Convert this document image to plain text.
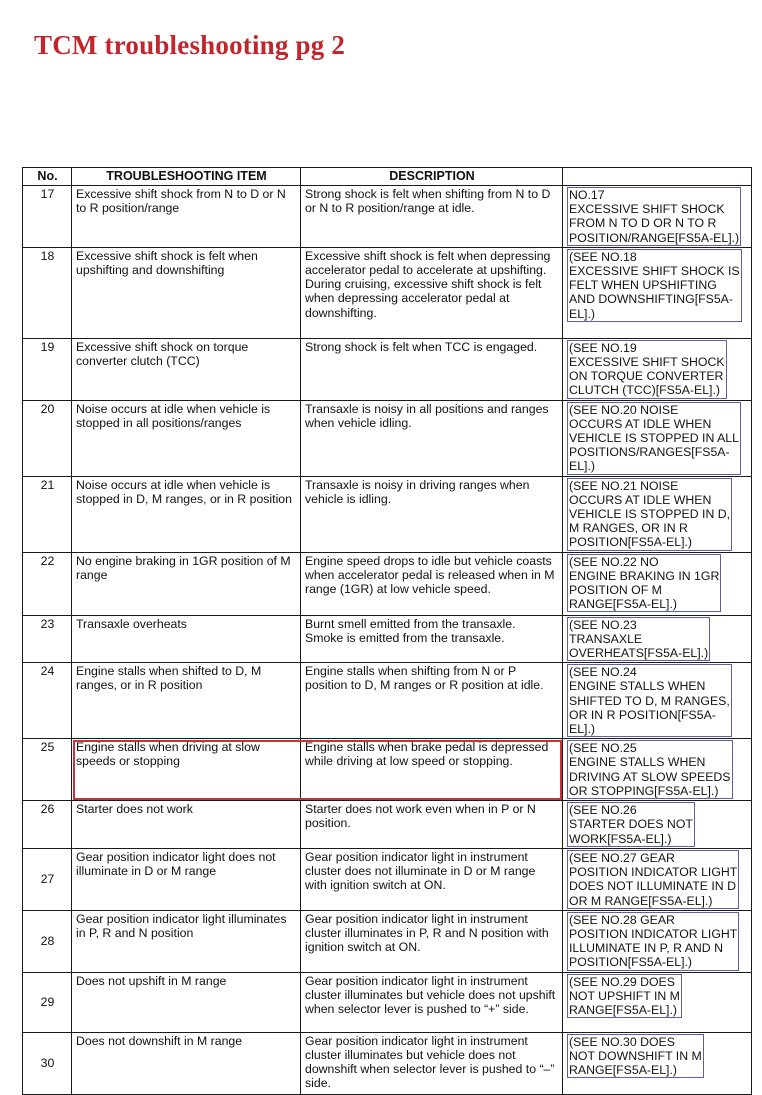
TCM troubleshooting pg 2
No.	TROUBLESHOOTING ITEM	DESCRIPTION	
17	Excessive shift shock from N to D or N to R position/range	Strong shock is felt when shifting from N to D or N to R position/range at idle.	NO.17
EXCESSIVE SHIFT SHOCK
FROM N TO D OR N TO R
POSITION/RANGE[FS5A-EL].)
18	Excessive shift shock is felt when upshifting and downshifting	Excessive shift shock is felt when depressing accelerator pedal to accelerate at upshifting.
During cruising, excessive shift shock is felt when depressing accelerator pedal at downshifting.	(SEE NO.18
EXCESSIVE SHIFT SHOCK IS
FELT WHEN UPSHIFTING
AND DOWNSHIFTING[FS5A-
EL].)
19	Excessive shift shock on torque converter clutch (TCC)	Strong shock is felt when TCC is engaged.	(SEE NO.19
EXCESSIVE SHIFT SHOCK
ON TORQUE CONVERTER
CLUTCH (TCC)[FS5A-EL].)
20	Noise occurs at idle when vehicle is stopped in all positions/ranges	Transaxle is noisy in all positions and ranges when vehicle idling.	(SEE NO.20 NOISE
OCCURS AT IDLE WHEN
VEHICLE IS STOPPED IN ALL
POSITIONS/RANGES[FS5A-
EL].)
21	Noise occurs at idle when vehicle is stopped in D, M ranges, or in R position	Transaxle is noisy in driving ranges when vehicle is idling.	(SEE NO.21 NOISE
OCCURS AT IDLE WHEN
VEHICLE IS STOPPED IN D,
M RANGES, OR IN R
POSITION[FS5A-EL].)
22	No engine braking in 1GR position of M range	Engine speed drops to idle but vehicle coasts when accelerator pedal is released when in M range (1GR) at low vehicle speed.	(SEE NO.22 NO
ENGINE BRAKING IN 1GR
POSITION OF M
RANGE[FS5A-EL].)
23	Transaxle overheats	Burnt smell emitted from the transaxle.
Smoke is emitted from the transaxle.	(SEE NO.23
TRANSAXLE
OVERHEATS[FS5A-EL].)
24	Engine stalls when shifted to D, M ranges, or in R position	Engine stalls when shifting from N or P position to D, M ranges or R position at idle.	(SEE NO.24
ENGINE STALLS WHEN
SHIFTED TO D, M RANGES,
OR IN R POSITION[FS5A-
EL].)
25	Engine stalls when driving at slow speeds or stopping	Engine stalls when brake pedal is depressed while driving at low speed or stopping.	(SEE NO.25
ENGINE STALLS WHEN
DRIVING AT SLOW SPEEDS
OR STOPPING[FS5A-EL].)
26	Starter does not work	Starter does not work even when in P or N position.	(SEE NO.26
STARTER DOES NOT
WORK[FS5A-EL].)
27	Gear position indicator light does not illuminate in D or M range	Gear position indicator light in instrument cluster does not illuminate in D or M range with ignition switch at ON.	(SEE NO.27 GEAR
POSITION INDICATOR LIGHT
DOES NOT ILLUMINATE IN D
OR M RANGE[FS5A-EL].)
28	Gear position indicator light illuminates in P, R and N position	Gear position indicator light in instrument cluster illuminates in P, R and N position with ignition switch at ON.	(SEE NO.28 GEAR
POSITION INDICATOR LIGHT
ILLUMINATE IN P, R AND N
POSITION[FS5A-EL].)
29	Does not upshift in M range	Gear position indicator light in instrument cluster illuminates but vehicle does not upshift when selector lever is pushed to “+” side.	(SEE NO.29 DOES
NOT UPSHIFT IN M
RANGE[FS5A-EL].)
30	Does not downshift in M range	Gear position indicator light in instrument cluster illuminates but vehicle does not downshift when selector lever is pushed to “–” side.	(SEE NO.30 DOES
NOT DOWNSHIFT IN M
RANGE[FS5A-EL].)
